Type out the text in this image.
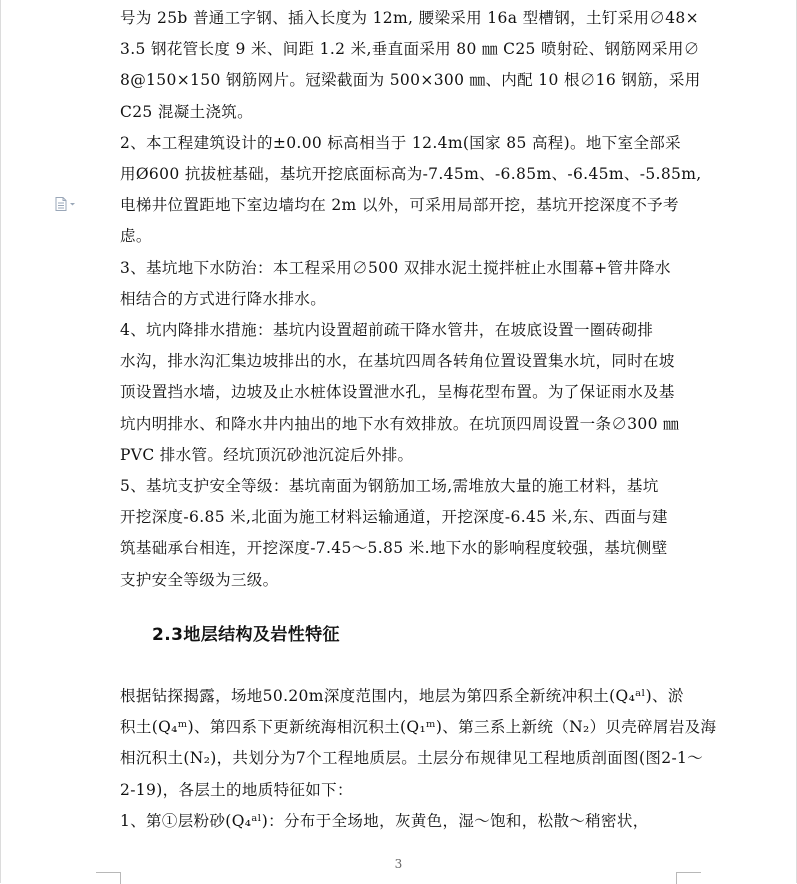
号为 25b 普通工字钢、插入长度为 12m, 腰梁采用 16a 型槽钢，土钉采用∅48×
3.5 钢花管长度 9 米、间距 1.2 米,垂直面采用 80 ㎜ C25 喷射砼、钢筋网采用∅
8@150×150 钢筋网片。冠梁截面为 500×300 ㎜、内配 10 根∅16 钢筋，采用
C25 混凝土浇筑。
2、本工程建筑设计的±0.00 标高相当于 12.4m(国家 85 高程)。地下室全部采
用Ø600 抗拔桩基础，基坑开挖底面标高为-7.45m、-6.85m、-6.45m、-5.85m,
电梯井位置距地下室边墙均在 2m 以外，可采用局部开挖，基坑开挖深度不予考
虑。
3、基坑地下水防治：本工程采用∅500 双排水泥土搅拌桩止水围幕+管井降水
相结合的方式进行降水排水。
4、坑内降排水措施：基坑内设置超前疏干降水管井，在坡底设置一圈砖砌排
水沟，排水沟汇集边坡排出的水，在基坑四周各转角位置设置集水坑，同时在坡
顶设置挡水墙，边坡及止水桩体设置泄水孔，呈梅花型布置。为了保证雨水及基
坑内明排水、和降水井内抽出的地下水有效排放。在坑顶四周设置一条∅300 ㎜
PVC 排水管。经坑顶沉砂池沉淀后外排。
5、基坑支护安全等级：基坑南面为钢筋加工场,需堆放大量的施工材料，基坑
开挖深度-6.85 米,北面为施工材料运输通道，开挖深度-6.45 米,东、西面与建
筑基础承台相连，开挖深度-7.45～5.85 米.地下水的影响程度较强，基坑侧壁
支护安全等级为三级。
2.3地层结构及岩性特征
根据钻探揭露，场地50.20m深度范围内，地层为第四系全新统冲积土(Q₄ᵃˡ)、淤
积土(Q₄ᵐ)、第四系下更新统海相沉积土(Q₁ᵐ)、第三系上新统（N₂）贝壳碎屑岩及海
相沉积土(N₂)，共划分为7个工程地质层。土层分布规律见工程地质剖面图(图2-1～
2-19)，各层土的地质特征如下：
1、第①层粉砂(Q₄ᵃˡ)：分布于全场地，灰黄色，湿～饱和，松散～稍密状，
3
